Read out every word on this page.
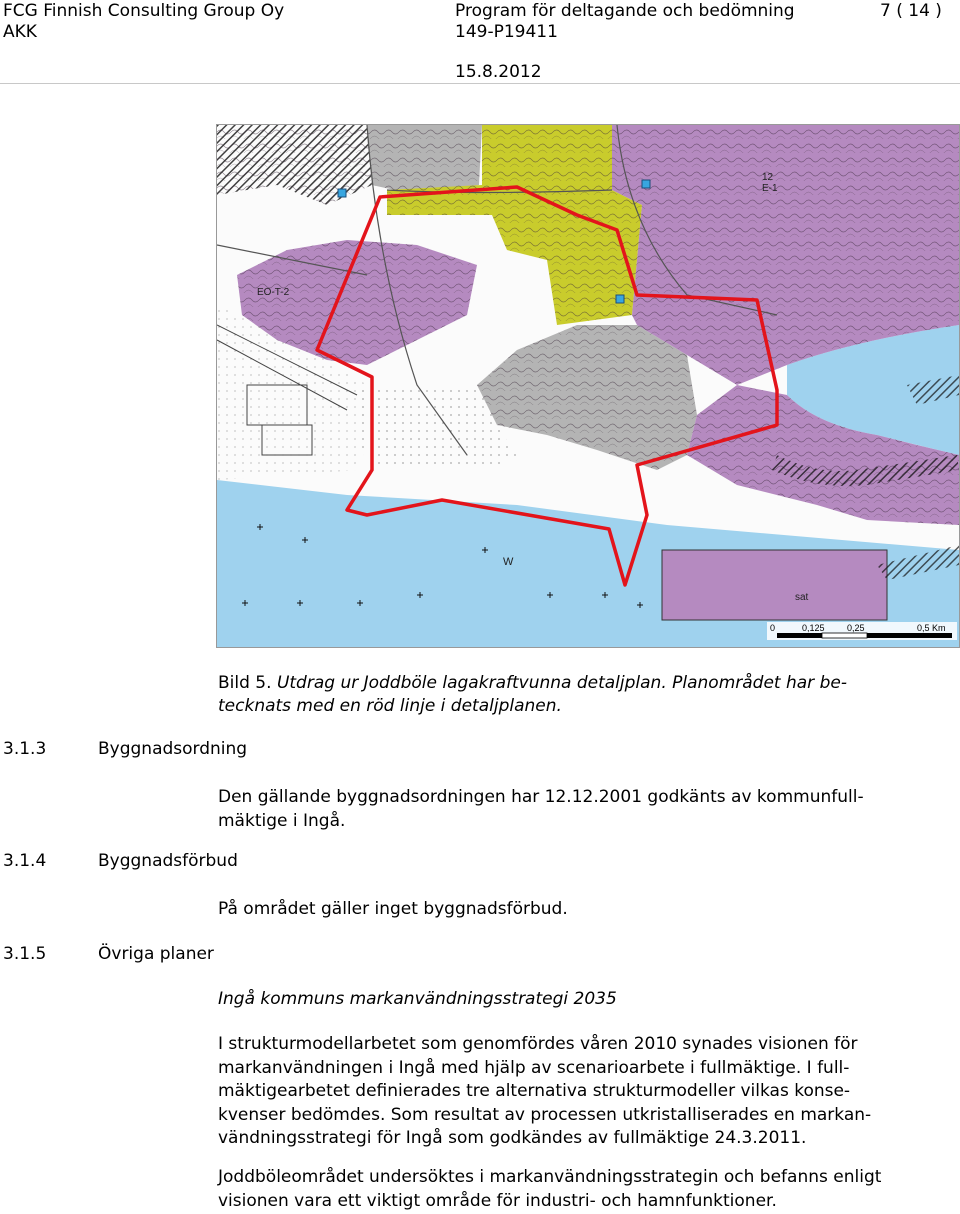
FCG Finnish Consulting Group Oy
AKK
Program för deltagande och bedömning
149-P19411
7 ( 14 )
15.8.2012
W
sat
EO-T-2
12
E-1
0	0,125 0,25	0,5 Km
Bild 5. Utdrag ur Joddböle lagakraftvunna detaljplan. Planområdet har be-
tecknats med en röd linje i detaljplanen.
3.1.3	Byggnadsordning
3.1.4	Byggnadsförbud
3.1.5	Övriga planer
Den gällande byggnadsordningen har 12.12.2001 godkänts av kommunfull-
mäktige i Ingå.
På området gäller inget byggnadsförbud.
Ingå kommuns markanvändningsstrategi 2035
I strukturmodellarbetet som genomfördes våren 2010 synades visionen för
markanvändningen i Ingå med hjälp av scenarioarbete i fullmäktige. I full-
mäktigearbetet definierades tre alternativa strukturmodeller vilkas konse-
kvenser bedömdes. Som resultat av processen utkristalliserades en markan-
vändningsstrategi för Ingå som godkändes av fullmäktige 24.3.2011.
Joddböleområdet undersöktes i markanvändningsstrategin och befanns enligt
visionen vara ett viktigt område för industri- och hamnfunktioner.
